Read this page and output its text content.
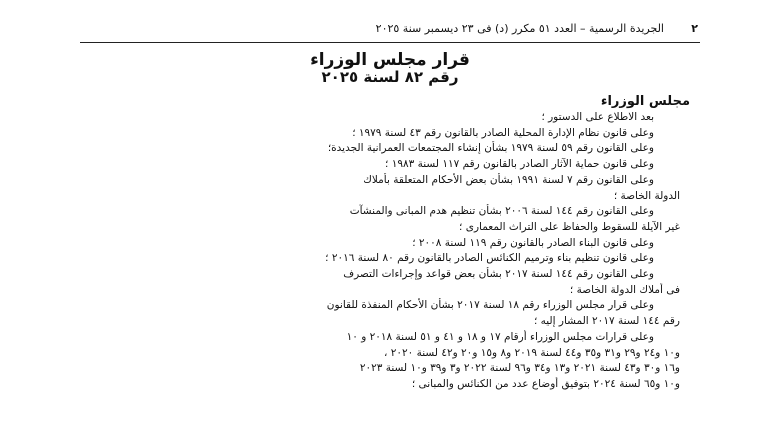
٢
الجريدة الرسمية – العدد ٥١ مكرر (د) فى ٢٣ ديسمبر سنة ٢٠٢٥
قرار مجلس الوزراء
رقم ٨٢ لسنة ٢٠٢٥
مجلس الوزراء
بعد الاطلاع على الدستور ؛
وعلى قانون نظام الإدارة المحلية الصادر بالقانون رقم ٤٣ لسنة ١٩٧٩ ؛
وعلى القانون رقم ٥٩ لسنة ١٩٧٩ بشأن إنشاء المجتمعات العمرانية الجديدة؛
وعلى قانون حماية الآثار الصادر بالقانون رقم ١١٧ لسنة ١٩٨٣ ؛
وعلى القانون رقم ٧ لسنة ١٩٩١ بشأن بعض الأحكام المتعلقة بأملاك
الدولة الخاصة ؛
وعلى القانون رقم ١٤٤ لسنة ٢٠٠٦ بشأن تنظيم هدم المبانى والمنشآت
غير الآيلة للسقوط والحفاظ على التراث المعمارى ؛
وعلى قانون البناء الصادر بالقانون رقم ١١٩ لسنة ٢٠٠٨ ؛
وعلى قانون تنظيم بناء وترميم الكنائس الصادر بالقانون رقم ٨٠ لسنة ٢٠١٦ ؛
وعلى القانون رقم ١٤٤ لسنة ٢٠١٧ بشأن بعض قواعد وإجراءات التصرف
فى أملاك الدولة الخاصة ؛
وعلى قرار مجلس الوزراء رقم ١٨ لسنة ٢٠١٧ بشأن الأحكام المنفذة للقانون
رقم ١٤٤ لسنة ٢٠١٧ المشار إليه ؛
وعلى قرارات مجلس الوزراء أرقام ١٧ و ١٨ و ٤١ و ٥١ لسنة ٢٠١٨ و ١٠
و١٠ و٢٤ و٢٩ و٣١ و٣٥ و٤٤ لسنة ٢٠١٩ و٨ و١٥ و٢٠ و٤٢ لسنة ٢٠٢٠ ،
و١٦ و٣٠ و٤٣ لسنة ٢٠٢١ و١٣ و٣٤ و٩٦ لسنة ٢٠٢٢ و٣ و٣٩ و١٠ لسنة ٢٠٢٣
و١٠ و٦٥ لسنة ٢٠٢٤ بتوفيق أوضاع عدد من الكنائس والمبانى ؛
